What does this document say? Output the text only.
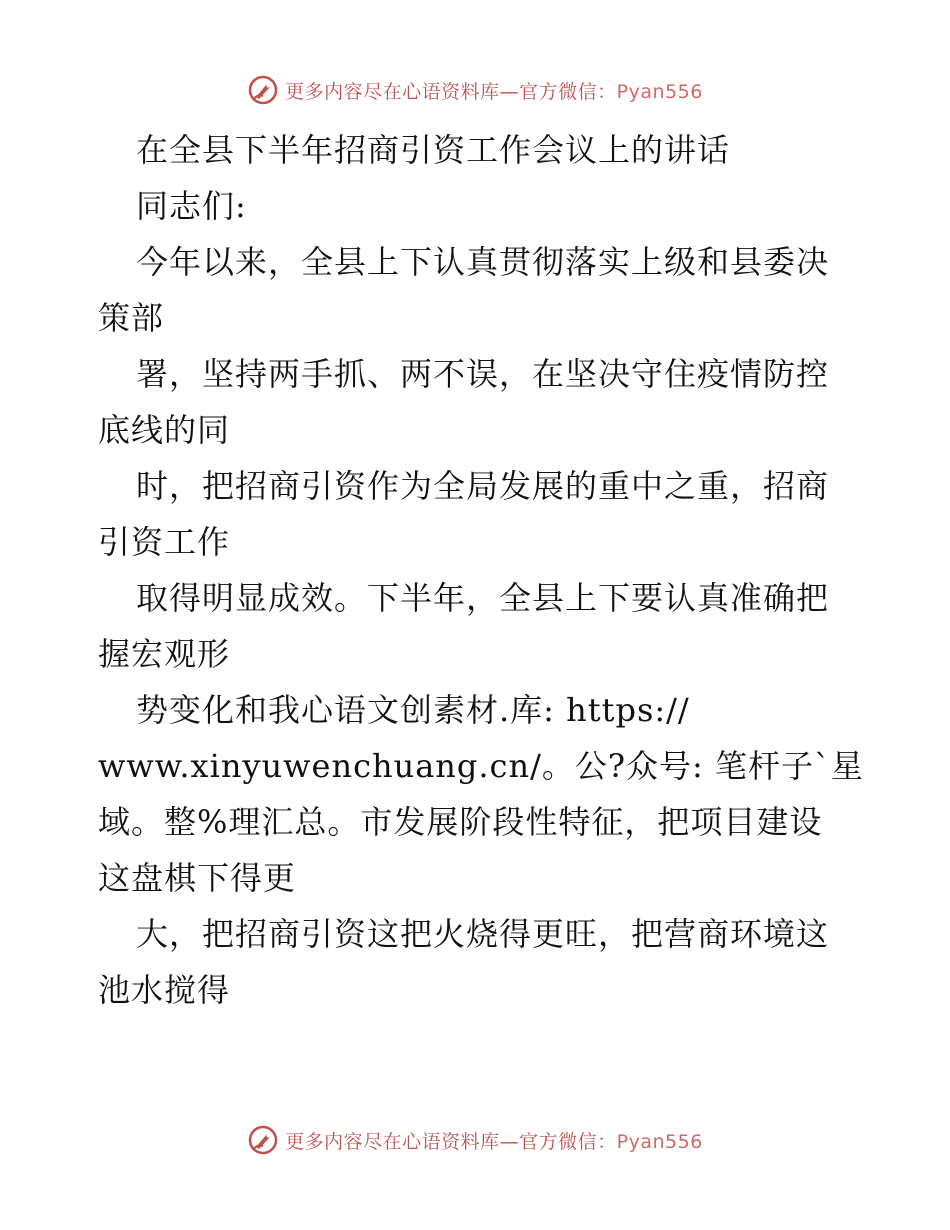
更多内容尽在心语资料库—官方微信：Pyan556
在全县下半年招商引资工作会议上的讲话
同志们:
今年以来，全县上下认真贯彻落实上级和县委决
策部
署，坚持两手抓、两不误，在坚决守住疫情防控
底线的同
时，把招商引资作为全局发展的重中之重，招商
引资工作
取得明显成效。下半年，全县上下要认真准确把
握宏观形
势变化和我心语文创素材.库: https://
www.xinyuwenchuang.cn/。公?众号: 笔杆子`星
域。整%理汇总。市发展阶段性特征，把项目建设
这盘棋下得更
大，把招商引资这把火烧得更旺，把营商环境这
池水搅得
更多内容尽在心语资料库—官方微信：Pyan556
